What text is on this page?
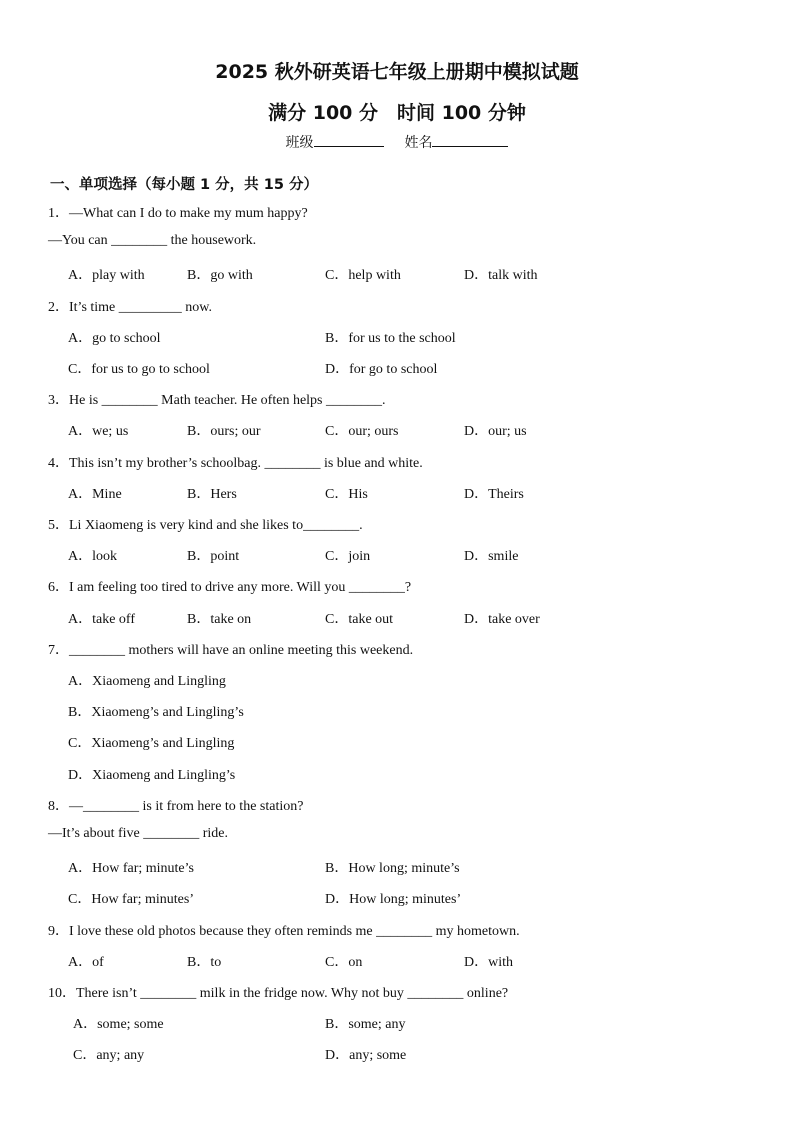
2025 秋外研英语七年级上册期中模拟试题
满分 100 分　时间 100 分钟
班级	姓名
一、单项选择（每小题 1 分，共 15 分）
1．—What can I do to make my mum happy?
—You can ________ the housework.
A．play with	B．go with	C．help with	D．talk with
2．It’s time _________ now.
A．go to school	B．for us to the school
C．for us to go to school	D．for go to school
3．He is ________ Math teacher. He often helps ________.
A．we; us	B．ours; our	C．our; ours	D．our; us
4．This isn’t my brother’s schoolbag. ________ is blue and white.
A．Mine	B．Hers	C．His	D．Theirs
5．Li Xiaomeng is very kind and she likes to________.
A．look	B．point	C．join	D．smile
6．I am feeling too tired to drive any more. Will you ________?
A．take off	B．take on	C．take out	D．take over
7．________ mothers will have an online meeting this weekend.
A．Xiaomeng and Lingling
B．Xiaomeng’s and Lingling’s
C．Xiaomeng’s and Lingling
D．Xiaomeng and Lingling’s
8．—________ is it from here to the station?
—It’s about five ________ ride.
A．How far; minute’s	B．How long; minute’s
C．How far; minutes’	D．How long; minutes’
9．I love these old photos because they often reminds me ________ my hometown.
A．of	B．to	C．on	D．with
10．There isn’t ________ milk in the fridge now. Why not buy ________ online?
A．some; some	B．some; any
C．any; any	D．any; some
